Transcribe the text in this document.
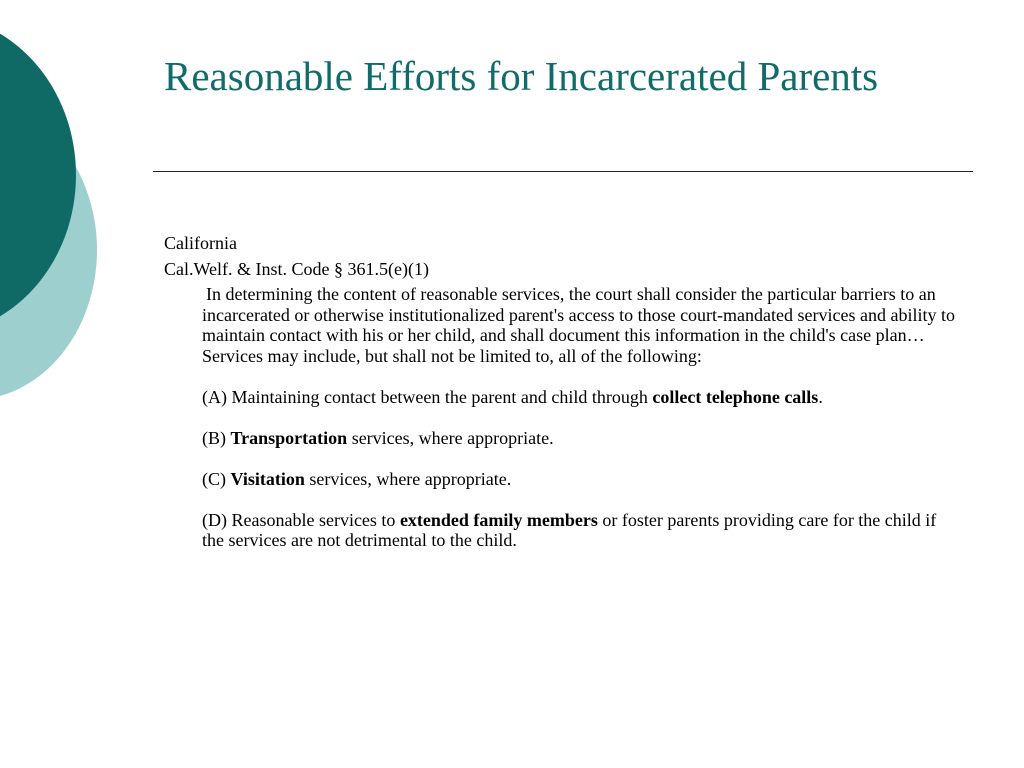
Reasonable Efforts for Incarcerated Parents

California

Cal.Welf. & Inst. Code § 361.5(e)(1)

In determining the content of reasonable services, the court shall consider the particular barriers to an incarcerated or otherwise institutionalized parent's access to those court-mandated services and ability to maintain contact with his or her child, and shall document this information in the child's case plan… Services may include, but shall not be limited to, all of the following:

(A) Maintaining contact between the parent and child through collect telephone calls.

(B) Transportation services, where appropriate.

(C) Visitation services, where appropriate.

(D) Reasonable services to extended family members or foster parents providing care for the child if the services are not detrimental to the child.
